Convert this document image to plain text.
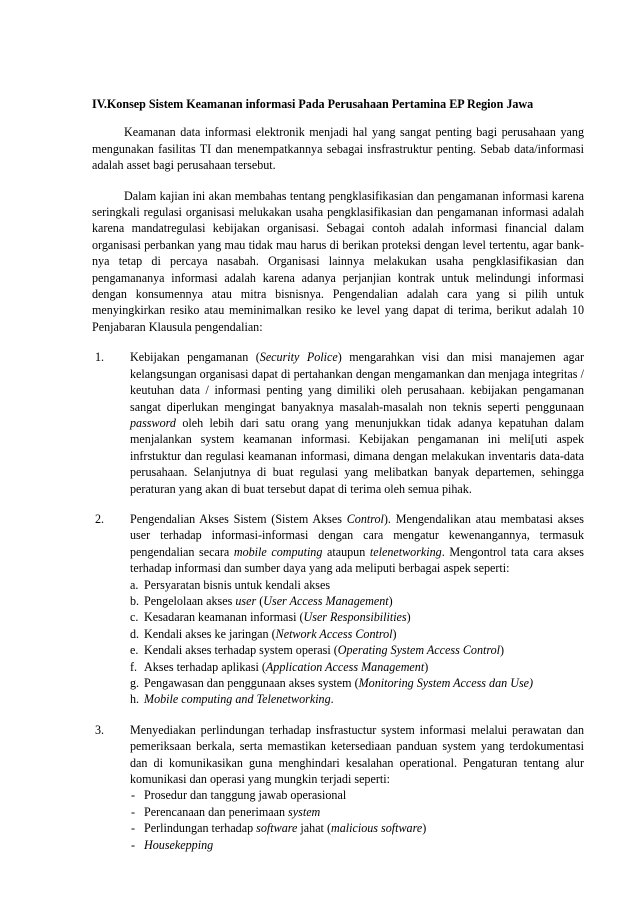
IV.Konsep Sistem Keamanan informasi Pada Perusahaan Pertamina EP Region Jawa

Keamanan data informasi elektronik menjadi hal yang sangat penting bagi perusahaan yang mengunakan fasilitas TI dan menempatkannya sebagai insfrastruktur penting. Sebab data/informasi adalah asset bagi perusahaan tersebut.

Dalam kajian ini akan membahas tentang pengklasifikasian dan pengamanan informasi karena seringkali regulasi organisasi melukakan usaha pengklasifikasian dan pengamanan informasi adalah karena mandatregulasi kebijakan organisasi. Sebagai contoh adalah informasi financial dalam organisasi perbankan yang mau tidak mau harus di berikan proteksi dengan level tertentu, agar bank-nya tetap di percaya nasabah. Organisasi lainnya melakukan usaha pengklasifikasian dan pengamananya informasi adalah karena adanya perjanjian kontrak untuk melindungi informasi dengan konsumennya atau mitra bisnisnya. Pengendalian adalah cara yang si pilih untuk menyingkirkan resiko atau meminimalkan resiko ke level yang dapat di terima, berikut adalah 10 Penjabaran Klausula pengendalian:

1. Kebijakan pengamanan (Security Police) mengarahkan visi dan misi manajemen agar kelangsungan organisasi dapat di pertahankan dengan mengamankan dan menjaga integritas / keutuhan data / informasi penting yang dimiliki oleh perusahaan. kebijakan pengamanan sangat diperlukan mengingat banyaknya masalah-masalah non teknis seperti penggunaan password oleh lebih dari satu orang yang menunjukkan tidak adanya kepatuhan dalam menjalankan system keamanan informasi. Kebijakan pengamanan ini meli[uti aspek infrstuktur dan regulasi keamanan informasi, dimana dengan melakukan inventaris data-data perusahaan. Selanjutnya di buat regulasi yang melibatkan banyak departemen, sehingga peraturan yang akan di buat tersebut dapat di terima oleh semua pihak.
2. Pengendalian Akses Sistem (Sistem Akses Control). Mengendalikan atau membatasi akses user terhadap informasi-informasi dengan cara mengatur kewenangannya, termasuk pengendalian secara mobile computing ataupun telenetworking. Mengontrol tata cara akses terhadap informasi dan sumber daya yang ada meliputi berbagai aspek seperti:
a. Persyaratan bisnis untuk kendali akses
b. Pengelolaan akses user (User Access Management)
c. Kesadaran keamanan informasi (User Responsibilities)
d. Kendali akses ke jaringan (Network Access Control)
e. Kendali akses terhadap system operasi (Operating System Access Control)
f. Akses terhadap aplikasi (Application Access Management)
g. Pengawasan dan penggunaan akses system (Monitoring System Access dan Use)
h. Mobile computing and Telenetworking.
3. Menyediakan perlindungan terhadap insfrastuctur system informasi melalui perawatan dan pemeriksaan berkala, serta memastikan ketersediaan panduan system yang terdokumentasi dan di komunikasikan guna menghindari kesalahan operational. Pengaturan tentang alur komunikasi dan operasi yang mungkin terjadi seperti:
- Prosedur dan tanggung jawab operasional
- Perencanaan dan penerimaan system
- Perlindungan terhadap software jahat (malicious software)
- Housekepping
